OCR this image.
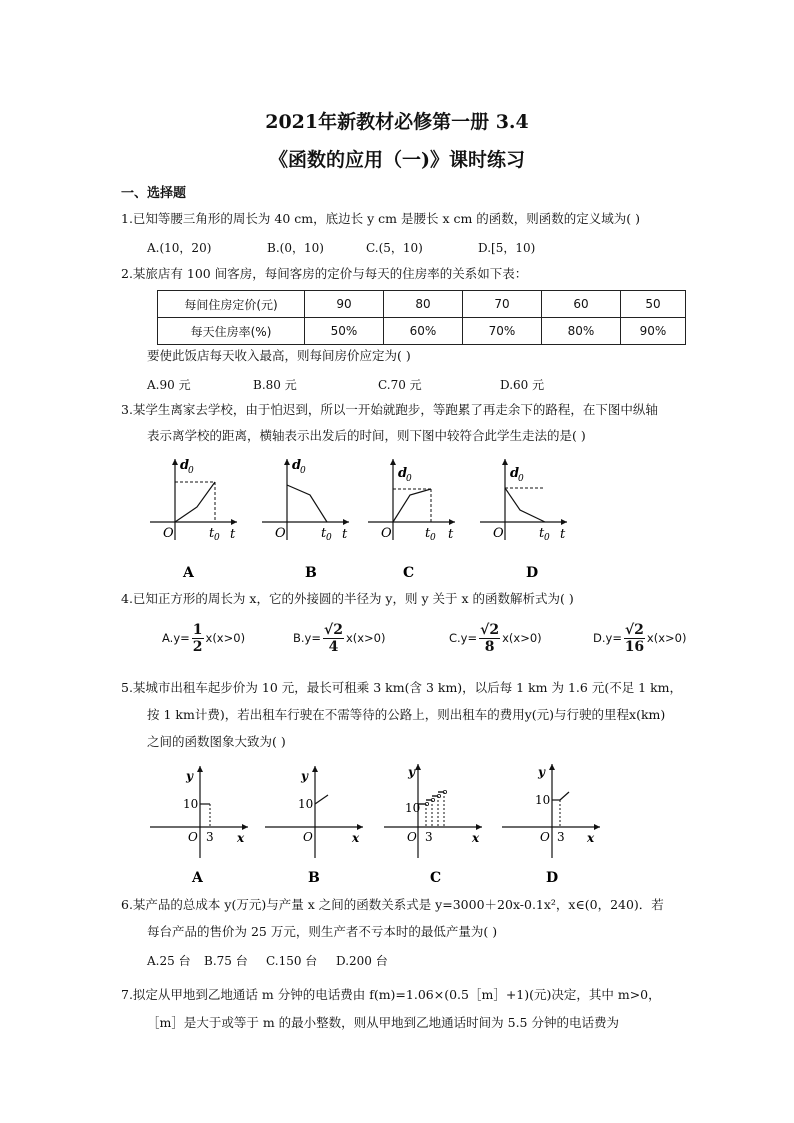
2021年新教材必修第一册 3.4
《函数的应用（一)》课时练习
一、选择题
1.已知等腰三角形的周长为 40 cm，底边长 y cm 是腰长 x cm 的函数，则函数的定义域为( )
A.(10，20)	B.(0，10)	C.(5，10)	D.[5，10)
2.某旅店有 100 间客房，每间客房的定价与每天的住房率的关系如下表：
每间住房定价(元)	90	80	70	60	50
每天住房率(%)	50%	60%	70%	80%	90%
要使此饭店每天收入最高，则每间房价应定为( )
A.90 元	B.80 元	C.70 元	D.60 元
3.某学生离家去学校，由于怕迟到，所以一开始就跑步，等跑累了再走余下的路程，在下图中纵轴
表示离学校的距离，横轴表示出发后的时间，则下图中较符合此学生走法的是( )
d
0
O	t 0 t
A
d
0
O	t 0 t
B
d
0
O	t 0 t
C
d
0
O	t 0 t
D
4.已知正方形的周长为 x，它的外接圆的半径为 y，则 y 关于 x 的函数解析式为( )
$A.y= \frac{1}{2} x(x>0)$	$B.y= \frac{√2}{4} x(x>0)$	$C.y= \frac{√2}{8} x(x>0)$	$D.y= \frac{√2}{16} x(x>0)$
5.某城市出租车起步价为 10 元，最长可租乘 3 km(含 3 km)，以后每 1 km 为 1.6 元(不足 1 km，
按 1 km计费)，若出租车行驶在不需等待的公路上，则出租车的费用y(元)与行驶的里程x(km)
之间的函数图象大致为( )
y
10
O 3 x
A
y
10
O	x
B
y
10
O 3	x
C
y
10
O 3 x
D
6.某产品的总成本 y(万元)与产量 x 之间的函数关系式是 y=3000＋20x-0.1x²，x∈(0，240)．若
每台产品的售价为 25 万元，则生产者不亏本时的最低产量为( )
A.25 台 B.75 台 C.150 台 D.200 台
7.拟定从甲地到乙地通话 m 分钟的电话费由 f(m)=1.06×(0.5［m］+1)(元)决定，其中 m>0，
［m］是大于或等于 m 的最小整数，则从甲地到乙地通话时间为 5.5 分钟的电话费为
